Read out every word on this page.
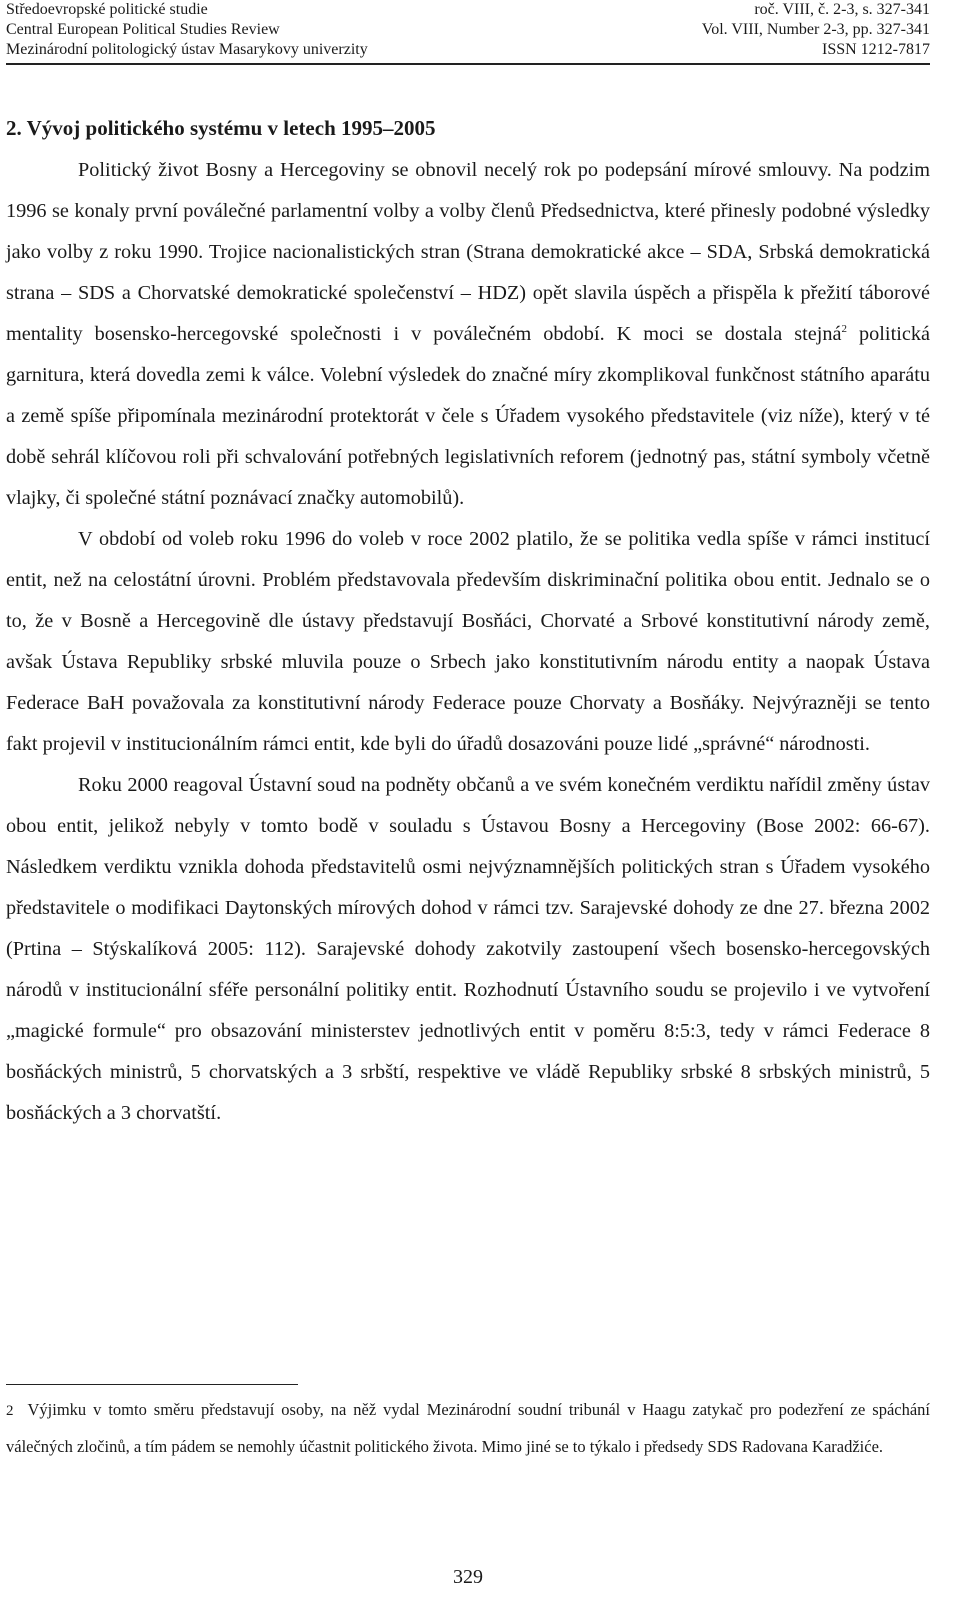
Středoevropské politické studie	roč. VIII, č. 2-3, s. 327-341
Central European Political Studies Review	Vol. VIII, Number 2-3, pp. 327-341
Mezinárodní politologický ústav Masarykovy univerzity	ISSN 1212-7817
2. Vývoj politického systému v letech 1995–2005

Politický život Bosny a Hercegoviny se obnovil necelý rok po podepsání mírové smlouvy. Na podzim 1996 se konaly první poválečné parlamentní volby a volby členů Předsednictva, které přinesly podobné výsledky jako volby z roku 1990. Trojice nacionalistických stran (Strana demokratické akce – SDA, Srbská demokratická strana – SDS a Chorvatské demokratické společenství – HDZ) opět slavila úspěch a přispěla k přežití táborové mentality bosensko-hercegovské společnosti i v poválečném období. K moci se dostala stejná$^2$ politická garnitura, která dovedla zemi k válce. Volební výsledek do značné míry zkomplikoval funkčnost státního aparátu a země spíše připomínala mezinárodní protektorát v čele s Úřadem vysokého představitele (viz níže), který v té době sehrál klíčovou roli při schvalování potřebných legislativních reforem (jednotný pas, státní symboly včetně vlajky, či společné státní poznávací značky automobilů).

V období od voleb roku 1996 do voleb v roce 2002 platilo, že se politika vedla spíše v rámci institucí entit, než na celostátní úrovni. Problém představovala především diskriminační politika obou entit. Jednalo se o to, že v Bosně a Hercegovině dle ústavy představují Bosňáci, Chorvaté a Srbové konstitutivní národy země, avšak Ústava Republiky srbské mluvila pouze o Srbech jako konstitutivním národu entity a naopak Ústava Federace BaH považovala za konstitutivní národy Federace pouze Chorvaty a Bosňáky. Nejvýrazněji se tento fakt projevil v institucionálním rámci entit, kde byli do úřadů dosazováni pouze lidé „správné“ národnosti.

Roku 2000 reagoval Ústavní soud na podněty občanů a ve svém konečném verdiktu nařídil změny ústav obou entit, jelikož nebyly v tomto bodě v souladu s Ústavou Bosny a Hercegoviny (Bose 2002: 66-67). Následkem verdiktu vznikla dohoda představitelů osmi nejvýznamnějších politických stran s Úřadem vysokého představitele o modifikaci Daytonských mírových dohod v rámci tzv. Sarajevské dohody ze dne 27. března 2002 (Prtina – Stýskalíková 2005: 112). Sarajevské dohody zakotvily zastoupení všech bosensko-hercegovských národů v institucionální sféře personální politiky entit. Rozhodnutí Ústavního soudu se projevilo i ve vytvoření „magické formule“ pro obsazování ministerstev jednotlivých entit v poměru 8:5:3, tedy v rámci Federace 8 bosňáckých ministrů, 5 chorvatských a 3 srbští, respektive ve vládě Republiky srbské 8 srbských ministrů, 5 bosňáckých a 3 chorvatští.

2 Výjimku v tomto směru představují osoby, na něž vydal Mezinárodní soudní tribunál v Haagu zatykač pro podezření ze spáchání válečných zločinů, a tím pádem se nemohly účastnit politického života. Mimo jiné se to týkalo i předsedy SDS Radovana Karadžiće.

329
